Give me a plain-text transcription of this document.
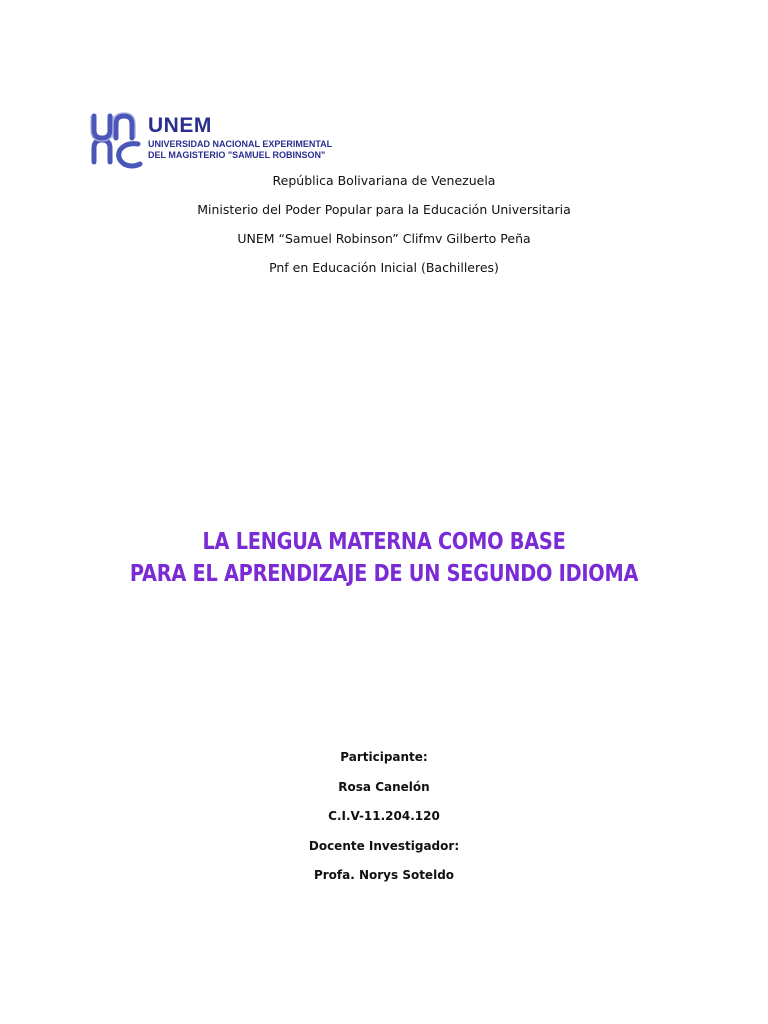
UNEM
UNIVERSIDAD NACIONAL EXPERIMENTAL
DEL MAGISTERIO "SAMUEL ROBINSON"
República Bolivariana de Venezuela
Ministerio del Poder Popular para la Educación Universitaria
UNEM “Samuel Robinson” Clifmv Gilberto Peña
Pnf en Educación Inicial (Bachilleres)
LA LENGUA MATERNA COMO BASE
PARA EL APRENDIZAJE DE UN SEGUNDO IDIOMA
Participante:
Rosa Canelón
C.I.V-11.204.120
Docente Investigador:
Profa. Norys Soteldo
